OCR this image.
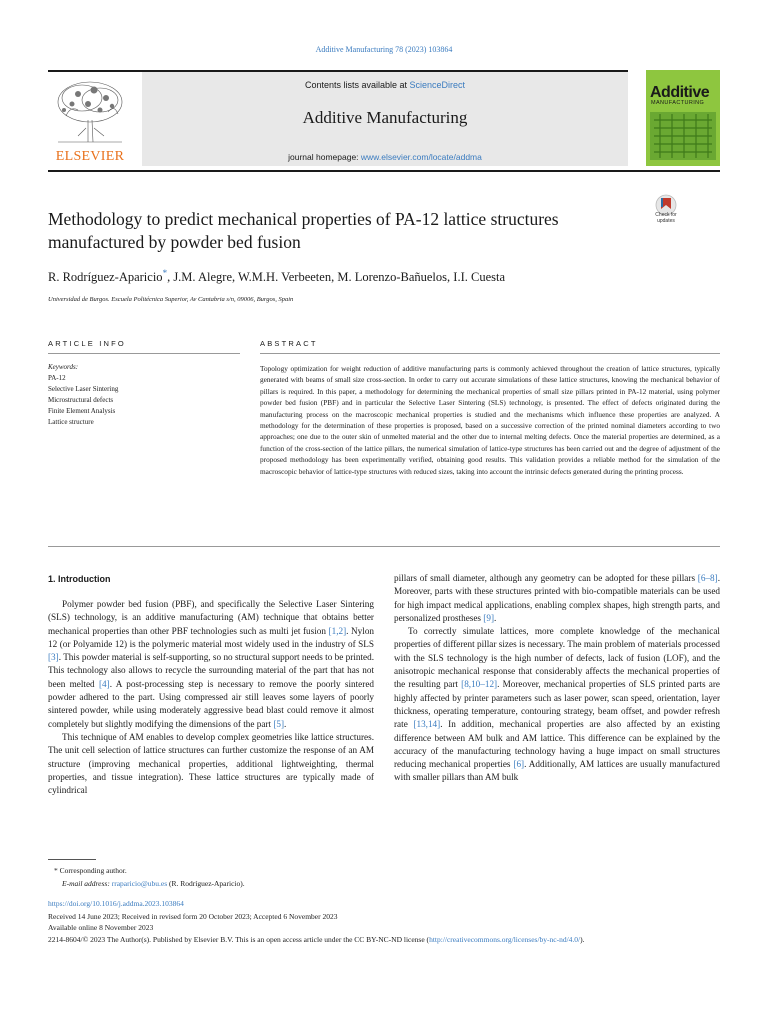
Additive Manufacturing 78 (2023) 103864
ELSEVIER
Contents lists available at ScienceDirect
Additive Manufacturing
journal homepage: www.elsevier.com/locate/addma
Additive
MANUFACTURING
Methodology to predict mechanical properties of PA-12 lattice structures manufactured by powder bed fusion
Check for updates
R. Rodríguez-Aparicio*, J.M. Alegre, W.M.H. Verbeeten, M. Lorenzo-Bañuelos, I.I. Cuesta
Universidad de Burgos. Escuela Politécnica Superior, Av Cantabria s/n, 09006, Burgos, Spain
ARTICLE INFO	ABSTRACT
Keywords:
PA-12
Selective Laser Sintering
Microstructural defects
Finite Element Analysis
Lattice structure
Topology optimization for weight reduction of additive manufacturing parts is commonly achieved throughout the creation of lattice structures, typically generated with beams of small size cross-section. In order to carry out accurate simulations of these lattice structures, knowing the mechanical behavior of pillars is required. In this paper, a methodology for determining the mechanical properties of small size pillars printed in PA-12 material, using polymer powder bed fusion (PBF) and in particular the Selective Laser Sintering (SLS) technology, is presented. The effect of defects originated during the manufacturing process on the macroscopic mechanical properties is studied and the mechanisms which influence these properties are analyzed. A methodology for the determination of these properties is proposed, based on a successive correction of the printed nominal diameters according to two approaches; one due to the outer skin of unmelted material and the other due to internal melting defects. Once the material properties are determined, as a function of the cross-section of the lattice pillars, the numerical simulation of lattice-type structures has been carried out and the degree of adjustment of the proposed methodology has been experimentally verified, obtaining good results. This validation provides a reliable method for the simulation of the macroscopic behavior of lattice-type structures with reduced sizes, taking into account the intrinsic defects generated during the printing process.
1. Introduction

Polymer powder bed fusion (PBF), and specifically the Selective Laser Sintering (SLS) technology, is an additive manufacturing (AM) technique that obtains better mechanical properties than other PBF technologies such as multi jet fusion [1,2]. Nylon 12 (or Polyamide 12) is the polymeric material most widely used in the industry of SLS [3]. This powder material is self-supporting, so no structural support needs to be printed. This technology also allows to recycle the surrounding material of the part that has not been melted [4]. A post-processing step is necessary to remove the poorly sintered powder adhered to the part. Using compressed air still leaves some layers of poorly sintered powder, while using moderately aggressive bead blast could remove it almost completely but slightly modifying the dimensions of the part [5].

This technique of AM enables to develop complex geometries like lattice structures. The unit cell selection of lattice structures can further customize the response of an AM structure (improving mechanical properties, additional lightweighting, thermal properties, and tissue integration). These lattice structures are typically made of cylindrical

pillars of small diameter, although any geometry can be adopted for these pillars [6–8]. Moreover, parts with these structures printed with bio-compatible materials can be used for high impact medical applications, enabling complex shapes, high strength parts, and personalized prostheses [9].

To correctly simulate lattices, more complete knowledge of the mechanical properties of different pillar sizes is necessary. The main problem of materials processed with the SLS technology is the high number of defects, lack of fusion (LOF), and the anisotropic mechanical response that considerably affects the mechanical properties of the resulting part [8,10–12]. Moreover, mechanical properties of SLS printed parts are highly affected by printer parameters such as laser power, scan speed, orientation, layer thickness, operating temperature, contouring strategy, beam offset, and powder refresh rate [13,14]. In addition, mechanical properties are also affected by an existing difference between AM bulk and AM lattice. This difference can be explained by the accuracy of the manufacturing technology having a huge impact on small structures reducing mechanical properties [6]. Additionally, AM lattices are usually manufactured with smaller pillars than AM bulk

* Corresponding author.
E-mail address: rraparicio@ubu.es (R. Rodríguez-Aparicio).
https://doi.org/10.1016/j.addma.2023.103864
Received 14 June 2023; Received in revised form 20 October 2023; Accepted 6 November 2023
Available online 8 November 2023
2214-8604/© 2023 The Author(s). Published by Elsevier B.V. This is an open access article under the CC BY-NC-ND license (http://creativecommons.org/licenses/by-nc-nd/4.0/).
